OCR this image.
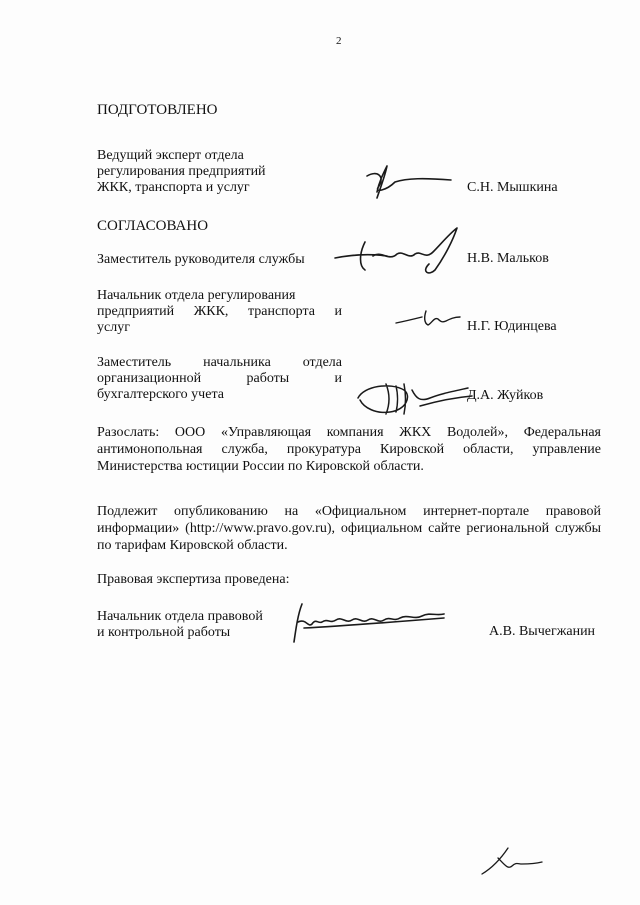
2
ПОДГОТОВЛЕНО
Ведущий эксперт отдела
регулирования предприятий
ЖКК, транспорта и услуг	С.Н. Мышкина
СОГЛАСОВАНО
Заместитель руководителя службы	Н.В. Мальков
Начальник отдела регулирования
предприятий ЖКК, транспорта и
услуг	Н.Г. Юдинцева
Заместитель начальника отдела
организационной работы и
бухгалтерского учета	Д.А. Жуйков
Разослать: ООО «Управляющая компания ЖКХ Водолей», Федеральная антимонопольная служба, прокуратура Кировской области, управление Министерства юстиции России по Кировской области.
Подлежит опубликованию на «Официальном интернет-портале правовой информации» (http://www.pravo.gov.ru), официальном сайте региональной службы по тарифам Кировской области.
Правовая экспертиза проведена:
Начальник отдела правовой
и контрольной работы	А.В. Вычегжанин
